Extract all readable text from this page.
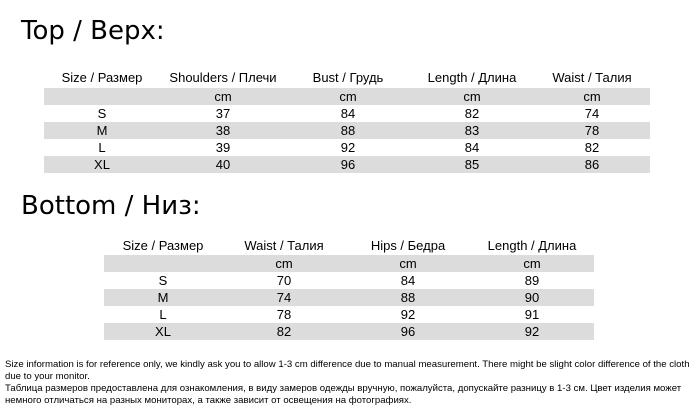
Top / Верх:
Size / Размер	Shoulders / Плечи	Bust / Грудь	Length / Длина	Waist / Талия
	cm	cm	cm	cm
S	37	84	82	74
M	38	88	83	78
L	39	92	84	82
XL	40	96	85	86
Bottom / Низ:
Size / Размер	Waist / Талия	Hips / Бедра	Length / Длина
	cm	cm	cm
S	70	84	89
M	74	88	90
L	78	92	91
XL	82	96	92

Size information is for reference only, we kindly ask you to allow 1-3 cm difference due to manual measurement. There might be slight color difference of the cloth due to your monitor.

Таблица размеров предоставлена для ознакомления, в виду замеров одежды вручную, пожалуйста, допускайте разницу в 1-3 см. Цвет изделия может немного отличаться на разных мониторах, а также зависит от освещения на фотографиях.
